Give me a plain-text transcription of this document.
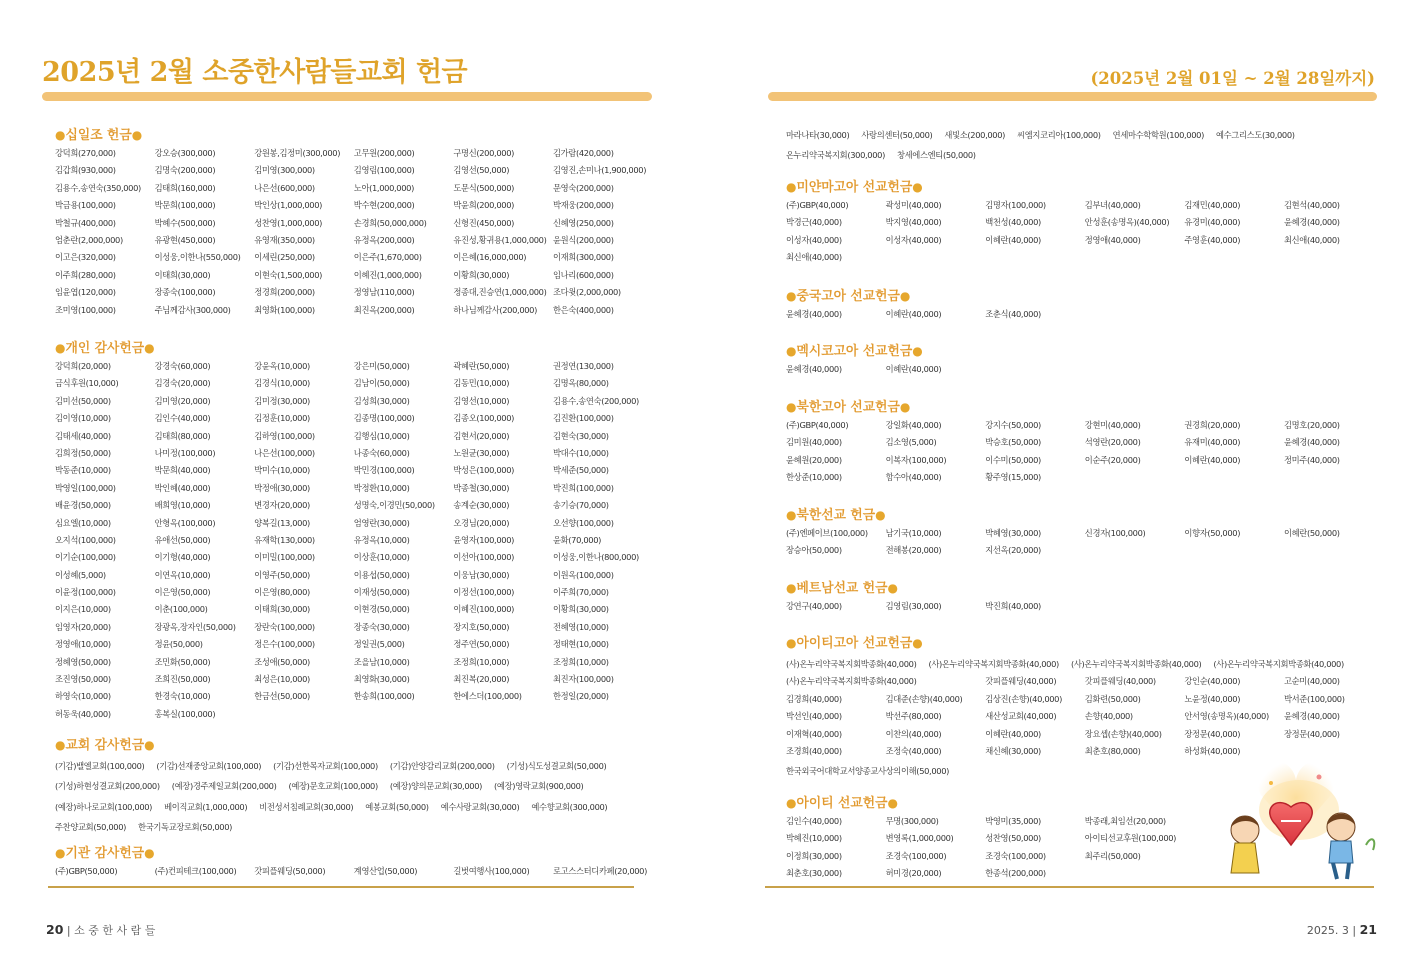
2025년 2월 소중한사람들교회 헌금
●십일조 헌금●
강덕희(270,000)	강오승(300,000)	강원봉,김정미(300,000)	고무원(200,000)	구명신(200,000)	김가람(420,000)
김갑희(930,000)	김명숙(200,000)	김미영(300,000)	김영림(100,000)	김영선(50,000)	김영진,손미나(1,900,000)
김용수,송연숙(350,000)	김태희(160,000)	나은선(600,000)	노아(1,000,000)	도문식(500,000)	문영숙(200,000)
박금용(100,000)	박문희(100,000)	박인상(1,000,000)	박수현(200,000)	박윤희(200,000)	박재웅(200,000)
박철규(400,000)	박혜수(500,000)	성찬영(1,000,000)	손경희(50,000,000)	신형진(450,000)	신혜영(250,000)
엄춘란(2,000,000)	유광현(450,000)	유영재(350,000)	유정옥(200,000)	유진성,황귀용(1,000,000) 윤원식(200,000)
이고은(320,000)	이성웅,이한나(550,000)	이세린(250,000)	이은주(1,670,000)	이은혜(16,000,000)	이재희(300,000)
이주희(280,000)	이태희(30,000)	이현숙(1,500,000)	이혜진(1,000,000)	이황희(30,000)	임나리(600,000)
임윤엽(120,000)	장종숙(100,000)	정경희(200,000)	정영남(110,000)	정종대,진승연(1,000,000) 조다윗(2,000,000)
조미영(100,000)	주님께감사(300,000)	최영화(100,000)	최진옥(200,000)	하나님께감사(200,000)	한은숙(400,000)
●개인 감사헌금●
강덕희(20,000)	강경숙(60,000)	강윤옥(10,000)	강은미(50,000)	곽혜란(50,000)	권정연(130,000)
금식후원(10,000)	김경숙(20,000)	김경식(10,000)	김남이(50,000)	김동민(10,000)	김명옥(80,000)
김미선(50,000)	김미영(20,000)	김미정(30,000)	김성희(30,000)	김영선(10,000)	김용수,송연숙(200,000)
김이영(10,000)	김인수(40,000)	김정훈(10,000)	김종명(100,000)	김종오(100,000)	김진환(100,000)
김태세(40,000)	김태희(80,000)	김하영(100,000)	김행심(10,000)	김현서(20,000)	김현숙(30,000)
김희정(50,000)	나미정(100,000)	나은선(100,000)	나종숙(60,000)	노원균(30,000)	박대수(10,000)
박동준(10,000)	박문희(40,000)	박미수(10,000)	박민경(100,000)	박성은(100,000)	박세준(50,000)
박영일(100,000)	박인혜(40,000)	박정애(30,000)	박정환(10,000)	박종철(30,000)	박진희(100,000)
배윤경(50,000)	배희영(10,000)	변경자(20,000)	성명숙,이경민(50,000)	송계순(30,000)	송기승(70,000)
심요엘(10,000)	안형옥(100,000)	양복길(13,000)	엄영란(30,000)	오경님(20,000)	오선향(100,000)
오지석(100,000)	유애선(50,000)	유재학(130,000)	유정옥(10,000)	윤영자(100,000)	윤화(70,000)
이기순(100,000)	이기형(40,000)	이미밀(100,000)	이상훈(10,000)	이선아(100,000)	이성웅,이한나(800,000)
이성혜(5,000)	이연옥(10,000)	이영주(50,000)	이용섭(50,000)	이웅남(30,000)	이원옥(100,000)
이윤정(100,000)	이은영(50,000)	이은영(80,000)	이재성(50,000)	이정선(100,000)	이주희(70,000)
이지은(10,000)	이춘(100,000)	이태희(30,000)	이현경(50,000)	이혜진(100,000)	이황희(30,000)
임영자(20,000)	장광옥,장자인(50,000)	장란숙(100,000)	장종숙(30,000)	장지호(50,000)	전혜영(10,000)
정영애(10,000)	정윤(50,000)	정은수(100,000)	정일권(5,000)	정주연(50,000)	정태현(10,000)
정혜영(50,000)	조민화(50,000)	조성애(50,000)	조을남(10,000)	조정희(10,000)	조정희(10,000)
조진영(50,000)	조희진(50,000)	최성은(10,000)	최영화(30,000)	최진복(20,000)	최진자(100,000)
하영숙(10,000)	한경숙(10,000)	한금선(50,000)	한송희(100,000)	한에스더(100,000)	한정일(20,000)
허동욱(40,000)	홍복실(100,000)
●교회 감사헌금●
(기감)밸엘교회(100,000) (기감)선재중앙교회(100,000) (기감)선한목자교회(100,000) (기감)안양감리교회(200,000) (기성)식도성결교회(50,000)
(기성)하현성결교회(200,000) (예장)경주제일교회(200,000) (예장)문호교회(100,000) (예장)양의문교회(30,000) (예장)영락교회(900,000)
(예장)하나로교회(100,000) 베이직교회(1,000,000) 비전성서침례교회(30,000) 예봉교회(50,000) 예수사랑교회(30,000) 예수향교회(300,000)
주찬양교회(50,000) 한국기독교장로회(50,000)
●기관 감사헌금●
(주)GBP(50,000)	(주)컨피테크(100,000)	갓피플웨딩(50,000)	계영산업(50,000)	길벗여행사(100,000)	로고스스터디카페(20,000)
20 | 소 중 한 사 람 들
(2025년 2월 01일 ~ 2월 28일까지)
마라나타(30,000) 사랑의센터(50,000) 새빛소(200,000) 씨엠지코리아(100,000) 연세마수학학원(100,000) 예수그리스도(30,000)
온누리약국복지회(300,000) 창세에스엔티(50,000)
●미얀마고아 선교헌금●
(주)GBP(40,000)	곽성미(40,000)	김명자(100,000)	김부녀(40,000)	김재민(40,000)	김현석(40,000)
박경근(40,000)	박지영(40,000)	백천성(40,000)	안성훈(송명옥)(40,000)	유경미(40,000)	윤혜경(40,000)
이성자(40,000)	이성자(40,000)	이혜란(40,000)	정영애(40,000)	주영훈(40,000)	최신애(40,000)
최신애(40,000)
●중국고아 선교헌금●
윤혜경(40,000)	이혜란(40,000)	조춘식(40,000)
●멕시코고아 선교헌금●
윤혜경(40,000)	이혜란(40,000)
●북한고아 선교헌금●
(주)GBP(40,000)	강일화(40,000)	강지수(50,000)	강현미(40,000)	권경희(20,000)	김명호(20,000)
김미원(40,000)	김소영(5,000)	박승호(50,000)	석영란(20,000)	유재미(40,000)	윤혜경(40,000)
윤혜원(20,000)	이복자(100,000)	이수미(50,000)	이순주(20,000)	이혜란(40,000)	정미주(40,000)
한상준(10,000)	함수아(40,000)	황주영(15,000)
●북한선교 헌금●
(주)엔페이브(100,000)	남기국(10,000)	박혜영(30,000)	신경자(100,000)	이향자(50,000)	이혜란(50,000)
장승아(50,000)	전해봉(20,000)	지선옥(20,000)
●베트남선교 헌금●
강연구(40,000)	김영림(30,000)	박진희(40,000)
●아이티고아 선교헌금●
(사)온누리약국복지회박종화(40,000) (사)온누리약국복지회박종화(40,000) (사)온누리약국복지회박종화(40,000) (사)온누리약국복지회박종화(40,000)
(사)온누리약국복지회박종화(40,000)	갓피플웨딩(40,000)	갓피플웨딩(40,000)	강인순(40,000)	고순미(40,000)
김경희(40,000)	김대준(손향)(40,000)	김상진(손향)(40,000)	김화련(50,000)	노윤정(40,000)	박서준(100,000)
박선인(40,000)	박선주(80,000)	새산성교회(40,000)	손향(40,000)	안서영(송명옥)(40,000)	윤혜경(40,000)
이재혁(40,000)	이찬의(40,000)	이혜란(40,000)	장요셉(손향)(40,000)	장정문(40,000)	장정문(40,000)
조경희(40,000)	조정숙(40,000)	채신혜(30,000)	최춘호(80,000)	하성화(40,000)
한국외국어대학교서양종교사상의이해(50,000)
●아이티 선교헌금●
김인수(40,000)	무명(300,000)	박영미(35,000)	박종래,최임선(20,000)
박혜진(10,000)	변영록(1,000,000)	성찬영(50,000)	아이티선교후원(100,000)
이정희(30,000)	조경숙(100,000)	조경숙(100,000)	최주리(50,000)
최춘호(30,000)	허미경(20,000)	한종석(200,000)
2025. 3 | 21
